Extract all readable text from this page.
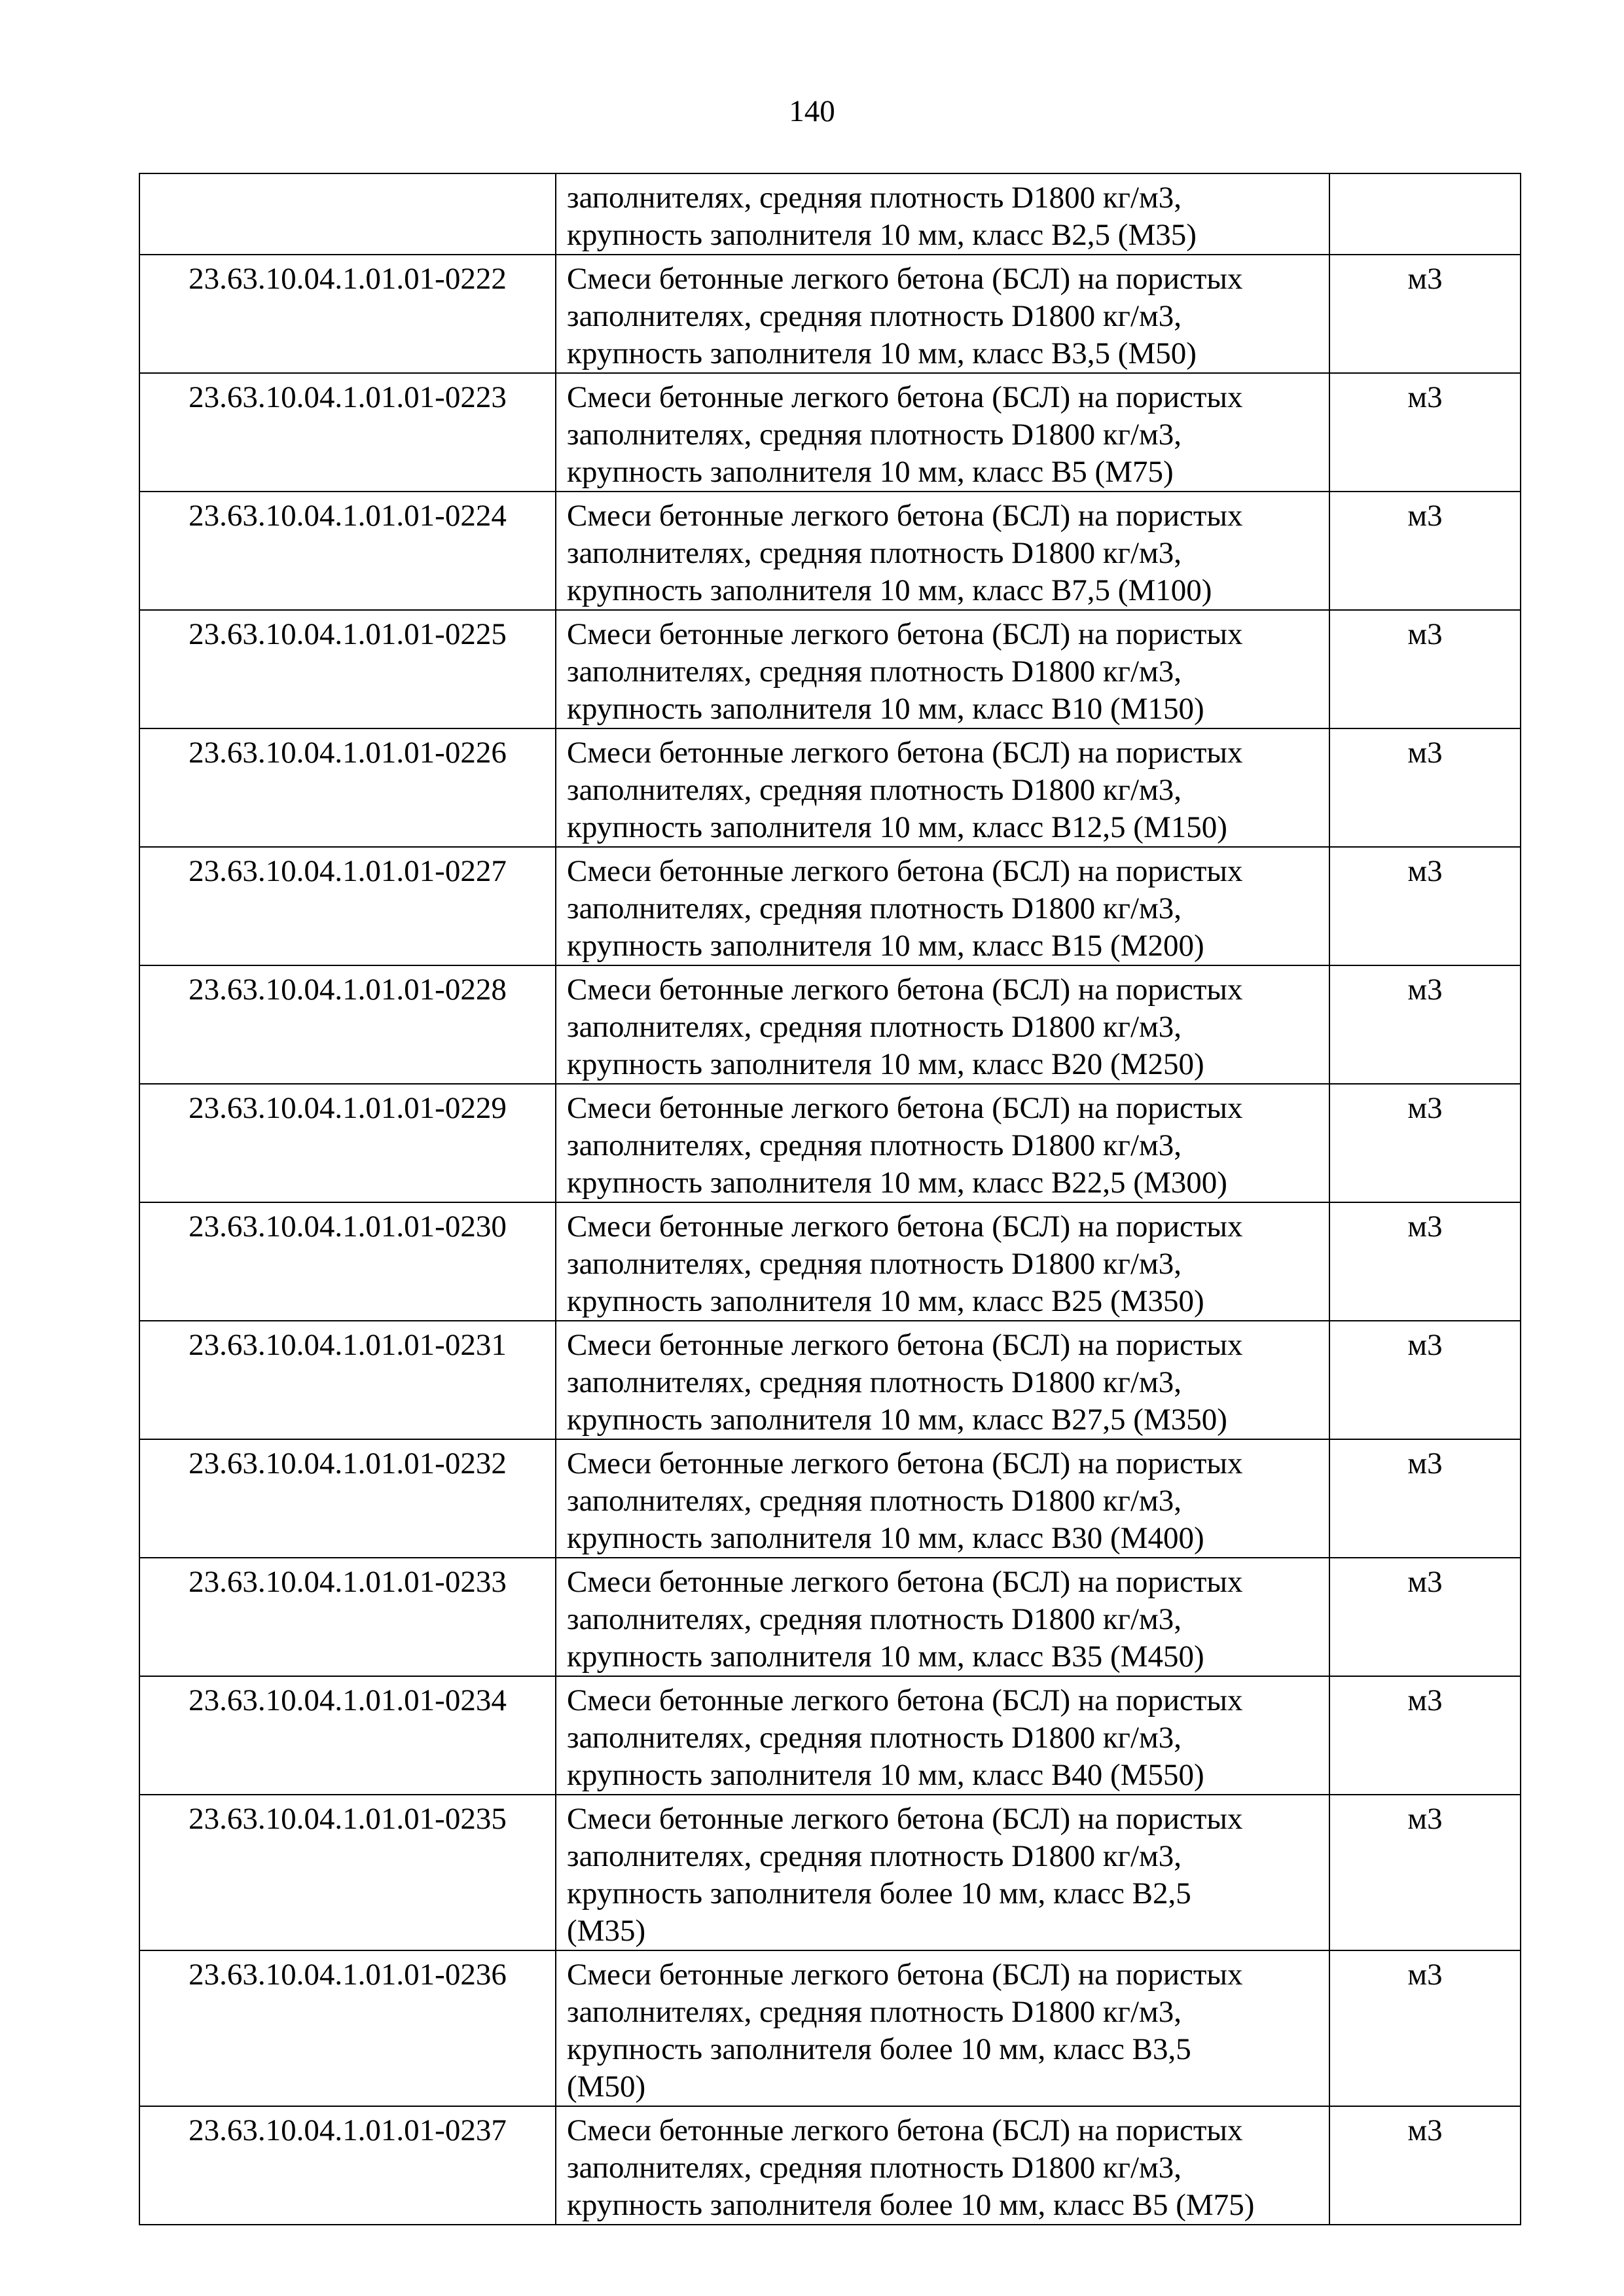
140

	заполнителях, средняя плотность D1800 кг/м3,
крупность заполнителя 10 мм, класс B2,5 (M35)	

23.63.10.04.1.01.01-0222	Смеси бетонные легкого бетона (БСЛ) на пористых
заполнителях, средняя плотность D1800 кг/м3,
крупность заполнителя 10 мм, класс B3,5 (M50)	м3
23.63.10.04.1.01.01-0223	Смеси бетонные легкого бетона (БСЛ) на пористых
заполнителях, средняя плотность D1800 кг/м3,
крупность заполнителя 10 мм, класс B5 (M75)	м3
23.63.10.04.1.01.01-0224	Смеси бетонные легкого бетона (БСЛ) на пористых
заполнителях, средняя плотность D1800 кг/м3,
крупность заполнителя 10 мм, класс B7,5 (M100)	м3
23.63.10.04.1.01.01-0225	Смеси бетонные легкого бетона (БСЛ) на пористых
заполнителях, средняя плотность D1800 кг/м3,
крупность заполнителя 10 мм, класс B10 (M150)	м3
23.63.10.04.1.01.01-0226	Смеси бетонные легкого бетона (БСЛ) на пористых
заполнителях, средняя плотность D1800 кг/м3,
крупность заполнителя 10 мм, класс B12,5 (M150)	м3
23.63.10.04.1.01.01-0227	Смеси бетонные легкого бетона (БСЛ) на пористых
заполнителях, средняя плотность D1800 кг/м3,
крупность заполнителя 10 мм, класс B15 (M200)	м3
23.63.10.04.1.01.01-0228	Смеси бетонные легкого бетона (БСЛ) на пористых
заполнителях, средняя плотность D1800 кг/м3,
крупность заполнителя 10 мм, класс B20 (M250)	м3
23.63.10.04.1.01.01-0229	Смеси бетонные легкого бетона (БСЛ) на пористых
заполнителях, средняя плотность D1800 кг/м3,
крупность заполнителя 10 мм, класс B22,5 (M300)	м3
23.63.10.04.1.01.01-0230	Смеси бетонные легкого бетона (БСЛ) на пористых
заполнителях, средняя плотность D1800 кг/м3,
крупность заполнителя 10 мм, класс B25 (M350)	м3
23.63.10.04.1.01.01-0231	Смеси бетонные легкого бетона (БСЛ) на пористых
заполнителях, средняя плотность D1800 кг/м3,
крупность заполнителя 10 мм, класс B27,5 (M350)	м3
23.63.10.04.1.01.01-0232	Смеси бетонные легкого бетона (БСЛ) на пористых
заполнителях, средняя плотность D1800 кг/м3,
крупность заполнителя 10 мм, класс B30 (M400)	м3
23.63.10.04.1.01.01-0233	Смеси бетонные легкого бетона (БСЛ) на пористых
заполнителях, средняя плотность D1800 кг/м3,
крупность заполнителя 10 мм, класс B35 (M450)	м3
23.63.10.04.1.01.01-0234	Смеси бетонные легкого бетона (БСЛ) на пористых
заполнителях, средняя плотность D1800 кг/м3,
крупность заполнителя 10 мм, класс B40 (M550)	м3
23.63.10.04.1.01.01-0235	Смеси бетонные легкого бетона (БСЛ) на пористых
заполнителях, средняя плотность D1800 кг/м3,
крупность заполнителя более 10 мм, класс B2,5
(M35)	м3
23.63.10.04.1.01.01-0236	Смеси бетонные легкого бетона (БСЛ) на пористых
заполнителях, средняя плотность D1800 кг/м3,
крупность заполнителя более 10 мм, класс B3,5
(M50)	м3
23.63.10.04.1.01.01-0237	Смеси бетонные легкого бетона (БСЛ) на пористых
заполнителях, средняя плотность D1800 кг/м3,
крупность заполнителя более 10 мм, класс B5 (M75)	м3
